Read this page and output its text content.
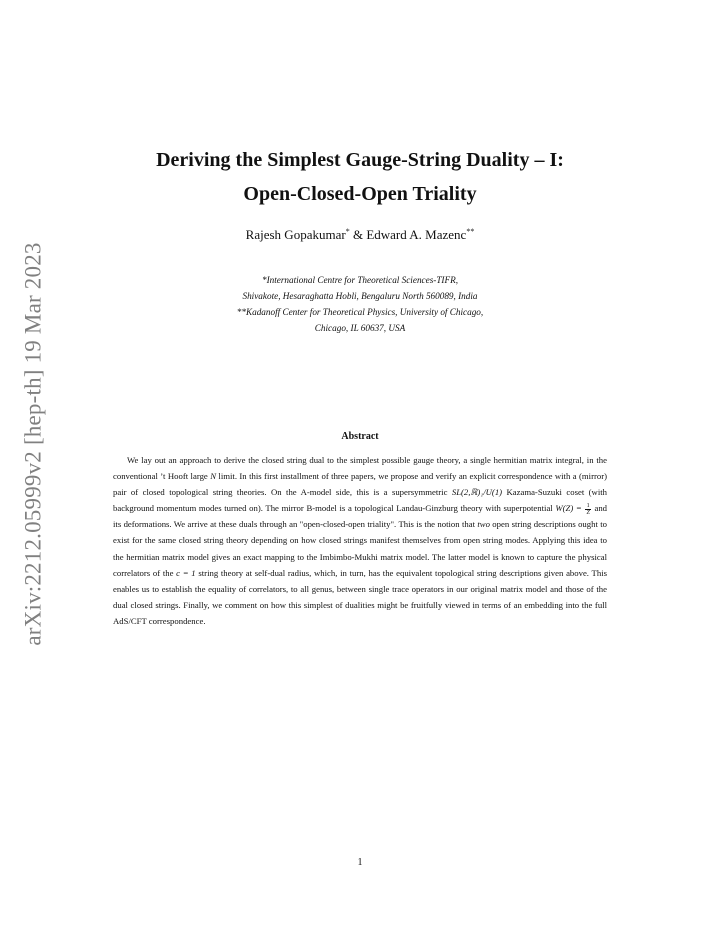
arXiv:2212.05999v2 [hep-th] 19 Mar 2023
Deriving the Simplest Gauge-String Duality – I:
Open-Closed-Open Triality
Rajesh Gopakumar* & Edward A. Mazenc**
*International Centre for Theoretical Sciences-TIFR,
Shivakote, Hesaraghatta Hobli, Bengaluru North 560089, India
**Kadanoff Center for Theoretical Physics, University of Chicago,
Chicago, IL 60637, USA
Abstract
We lay out an approach to derive the closed string dual to the simplest possible gauge theory, a single hermitian matrix integral, in the conventional ’t Hooft large N limit. In this first installment of three papers, we propose and verify an explicit correspondence with a (mirror) pair of closed topological string theories. On the A-model side, this is a supersymmetric SL(2,ℝ)₁/U(1) Kazama-Suzuki coset (with background momentum modes turned on). The mirror B-model is a topological Landau-Ginzburg theory with superpotential $W(Z) = \frac{1}{Z}$ and its deformations. We arrive at these duals through an "open-closed-open triality". This is the notion that two open string descriptions ought to exist for the same closed string theory depending on how closed strings manifest themselves from open string modes. Applying this idea to the hermitian matrix model gives an exact mapping to the Imbimbo-Mukhi matrix model. The latter model is known to capture the physical correlators of the c = 1 string theory at self-dual radius, which, in turn, has the equivalent topological string descriptions given above. This enables us to establish the equality of correlators, to all genus, between single trace operators in our original matrix model and those of the dual closed strings. Finally, we comment on how this simplest of dualities might be fruitfully viewed in terms of an embedding into the full AdS/CFT correspondence.
1
